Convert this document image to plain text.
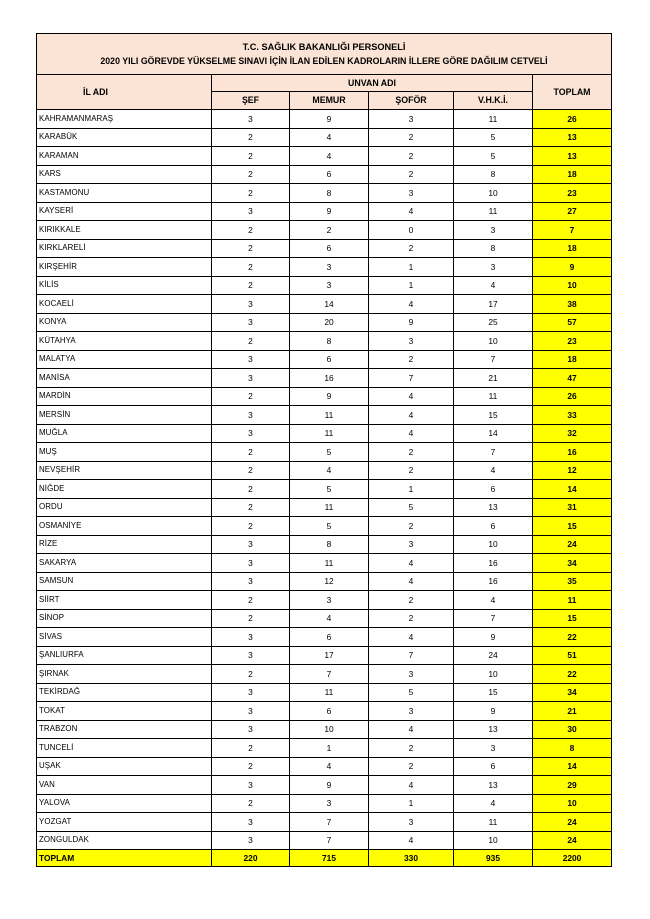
T.C. SAĞLIK BAKANLIĞI PERSONELİ
2020 YILI GÖREVDE YÜKSELME SINAVI İÇİN İLAN EDİLEN KADROLARIN İLLERE GÖRE DAĞILIM CETVELİ					

İL ADI	UNVAN ADI				TOPLAM
	ŞEF	MEMUR	ŞOFÖR	V.H.K.İ.	
KAHRAMANMARAŞ	3	9	3	11	26
KARABÜK	2	4	2	5	13
KARAMAN	2	4	2	5	13
KARS	2	6	2	8	18
KASTAMONU	2	8	3	10	23
KAYSERİ	3	9	4	11	27
KIRIKKALE	2	2	0	3	7
KIRKLARELİ	2	6	2	8	18
KIRŞEHİR	2	3	1	3	9
KİLİS	2	3	1	4	10
KOCAELİ	3	14	4	17	38
KONYA	3	20	9	25	57
KÜTAHYA	2	8	3	10	23
MALATYA	3	6	2	7	18
MANİSA	3	16	7	21	47
MARDİN	2	9	4	11	26
MERSİN	3	11	4	15	33
MUĞLA	3	11	4	14	32
MUŞ	2	5	2	7	16
NEVŞEHİR	2	4	2	4	12
NİĞDE	2	5	1	6	14
ORDU	2	11	5	13	31
OSMANİYE	2	5	2	6	15
RİZE	3	8	3	10	24
SAKARYA	3	11	4	16	34
SAMSUN	3	12	4	16	35
SİİRT	2	3	2	4	11
SİNOP	2	4	2	7	15
SİVAS	3	6	4	9	22
ŞANLIURFA	3	17	7	24	51
ŞIRNAK	2	7	3	10	22
TEKİRDAĞ	3	11	5	15	34
TOKAT	3	6	3	9	21
TRABZON	3	10	4	13	30
TUNCELİ	2	1	2	3	8
UŞAK	2	4	2	6	14
VAN	3	9	4	13	29
YALOVA	2	3	1	4	10
YOZGAT	3	7	3	11	24
ZONGULDAK	3	7	4	10	24
TOPLAM	220	715	330	935	2200
